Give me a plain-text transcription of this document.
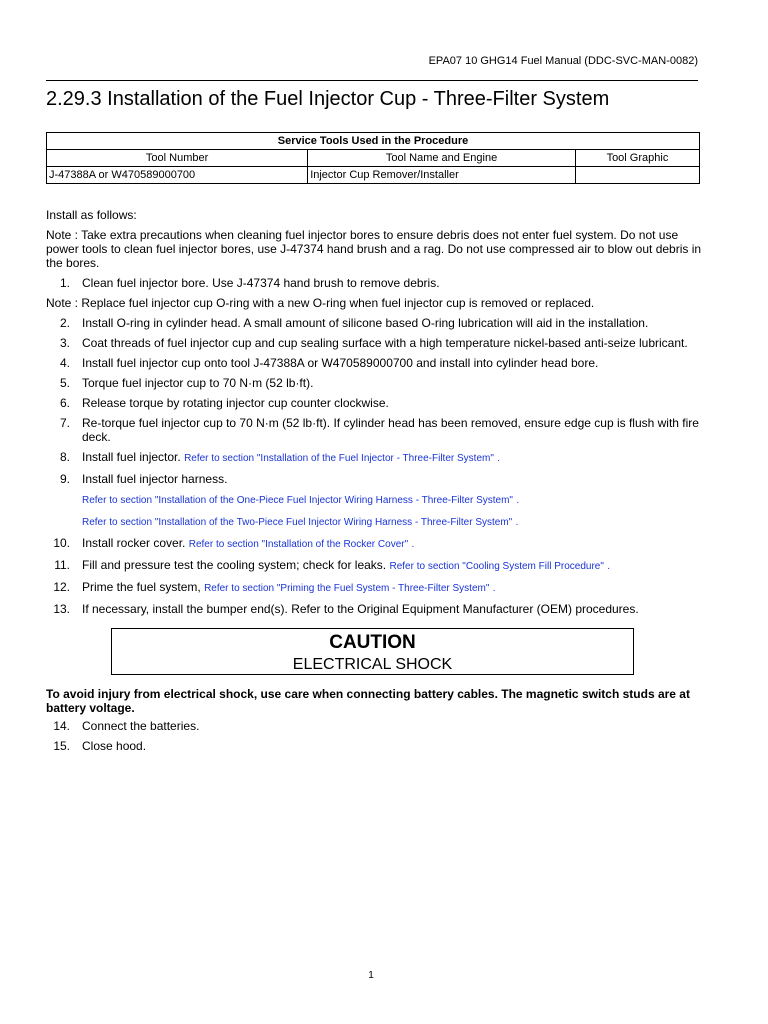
EPA07 10 GHG14 Fuel Manual (DDC-SVC-MAN-0082)
2.29.3 Installation of the Fuel Injector Cup - Three-Filter System
Service Tools Used in the Procedure		
Tool Number	Tool Name and Engine	Tool Graphic
J-47388A or W470589000700	Injector Cup Remover/Installer	

Install as follows:

Note : Take extra precautions when cleaning fuel injector bores to ensure debris does not enter fuel system. Do not use power tools to clean fuel injector bores, use J-47374 hand brush and a rag. Do not use compressed air to blow out debris in the bores.

1. Clean fuel injector bore. Use J-47374 hand brush to remove debris.

Note : Replace fuel injector cup O-ring with a new O-ring when fuel injector cup is removed or replaced.

2. Install O-ring in cylinder head. A small amount of silicone based O-ring lubrication will aid in the installation.
3. Coat threads of fuel injector cup and cup sealing surface with a high temperature nickel-based anti-seize lubricant.
4. Install fuel injector cup onto tool J-47388A or W470589000700 and install into cylinder head bore.
5. Torque fuel injector cup to 70 N·m (52 lb·ft).
6. Release torque by rotating injector cup counter clockwise.
7. Re-torque fuel injector cup to 70 N·m (52 lb·ft). If cylinder head has been removed, ensure edge cup is flush with fire deck.
8. Install fuel injector. Refer to section "Installation of the Fuel Injector - Three-Filter System" .
9. Install fuel injector harness.
Refer to section "Installation of the One-Piece Fuel Injector Wiring Harness - Three-Filter System" .
Refer to section "Installation of the Two-Piece Fuel Injector Wiring Harness - Three-Filter System" .
10. Install rocker cover. Refer to section "Installation of the Rocker Cover" .
11. Fill and pressure test the cooling system; check for leaks. Refer to section "Cooling System Fill Procedure" .
12. Prime the fuel system, Refer to section "Priming the Fuel System - Three-Filter System" .
13. If necessary, install the bumper end(s). Refer to the Original Equipment Manufacturer (OEM) procedures.
CAUTION
ELECTRICAL SHOCK
To avoid injury from electrical shock, use care when connecting battery cables. The magnetic switch studs are at battery voltage.
14. Connect the batteries.
15. Close hood.
1
